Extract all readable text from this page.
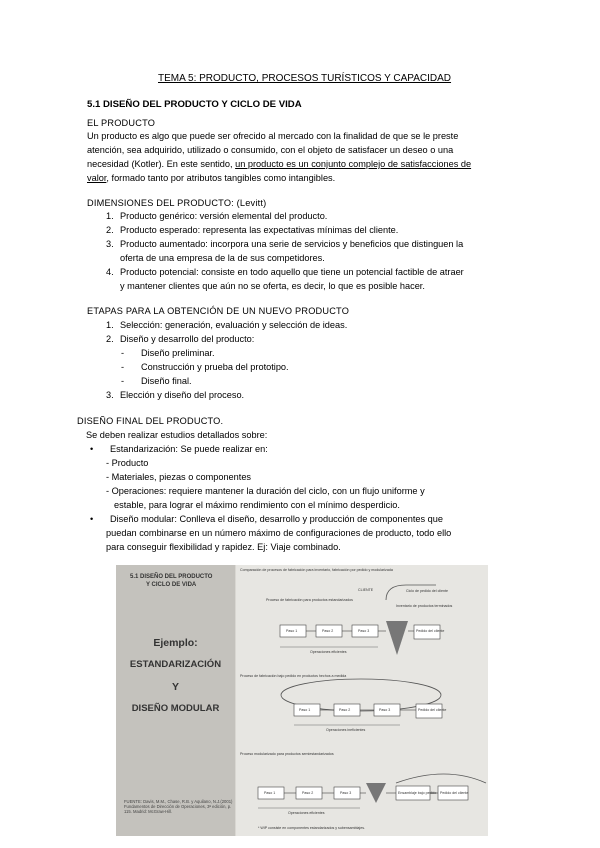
TEMA 5: PRODUCTO, PROCESOS TURÍSTICOS Y CAPACIDAD
5.1 DISEÑO DEL PRODUCTO Y CICLO DE VIDA
EL PRODUCTO
Un producto es algo que puede ser ofrecido al mercado con la finalidad de que se le preste
atención, sea adquirido, utilizado o consumido, con el objeto de satisfacer un deseo o una
necesidad (Kotler). En este sentido, un producto es un conjunto complejo de satisfacciones de
valor, formado tanto por atributos tangibles como intangibles.
DIMENSIONES DEL PRODUCTO: (Levitt)
1. Producto genérico: versión elemental del producto.
2. Producto esperado: representa las expectativas mínimas del cliente.
3. Producto aumentado: incorpora una serie de servicios y beneficios que distinguen la
oferta de una empresa de la de sus competidores.
4. Producto potencial: consiste en todo aquello que tiene un potencial factible de atraer
y mantener clientes que aún no se oferta, es decir, lo que es posible hacer.
ETAPAS PARA LA OBTENCIÓN DE UN NUEVO PRODUCTO
1. Selección: generación, evaluación y selección de ideas.
2. Diseño y desarrollo del producto:
- Diseño preliminar.
- Construcción y prueba del prototipo.
- Diseño final.
3. Elección y diseño del proceso.
DISEÑO FINAL DEL PRODUCTO.
Se deben realizar estudios detallados sobre:
• Estandarización: Se puede realizar en:
- Producto
- Materiales, piezas o componentes
- Operaciones: requiere mantener la duración del ciclo, con un flujo uniforme y
estable, para lograr el máximo rendimiento con el mínimo desperdicio.
• Diseño modular: Conlleva el diseño, desarrollo y producción de componentes que
puedan combinarse en un número máximo de configuraciones de producto, todo ello
para conseguir flexibilidad y rapidez. Ej: Viaje combinado.
5.1 DISEÑO DEL PRODUCTO
Y CICLO DE VIDA
Ejemplo:
ESTANDARIZACIÓN
Y
DISEÑO MODULAR
FUENTE: Davis, M.M., Chase, R.B. y Aquilano, N.J.(2001) Fundamentos de Dirección de Operaciones, 3ª edición, p. 115. Madrid: McGraw-Hill.
Comparación de procesos de fabricación para inventario, fabricación por pedido y modularizada
CLIENTE	Ciclo de pedido del cliente
Proceso de fabricación para productos estandarizados
Inventario de productos terminados
Paso 1	Paso 2	Paso 3	Pedido del cliente
Operaciones eficientes
Proceso de fabricación bajo pedido en productos hechos a medida
Paso 1	Paso 2	Paso 3	Pedido del cliente
Operaciones ineficientes
Proceso modularizado para productos semiestandarizados
Paso 1	Paso 2	Paso 3	Ensamblaje bajo pedido Pedido del cliente
Operaciones eficientes
* WIP consiste en componentes estandarizados y subensamblajes.
